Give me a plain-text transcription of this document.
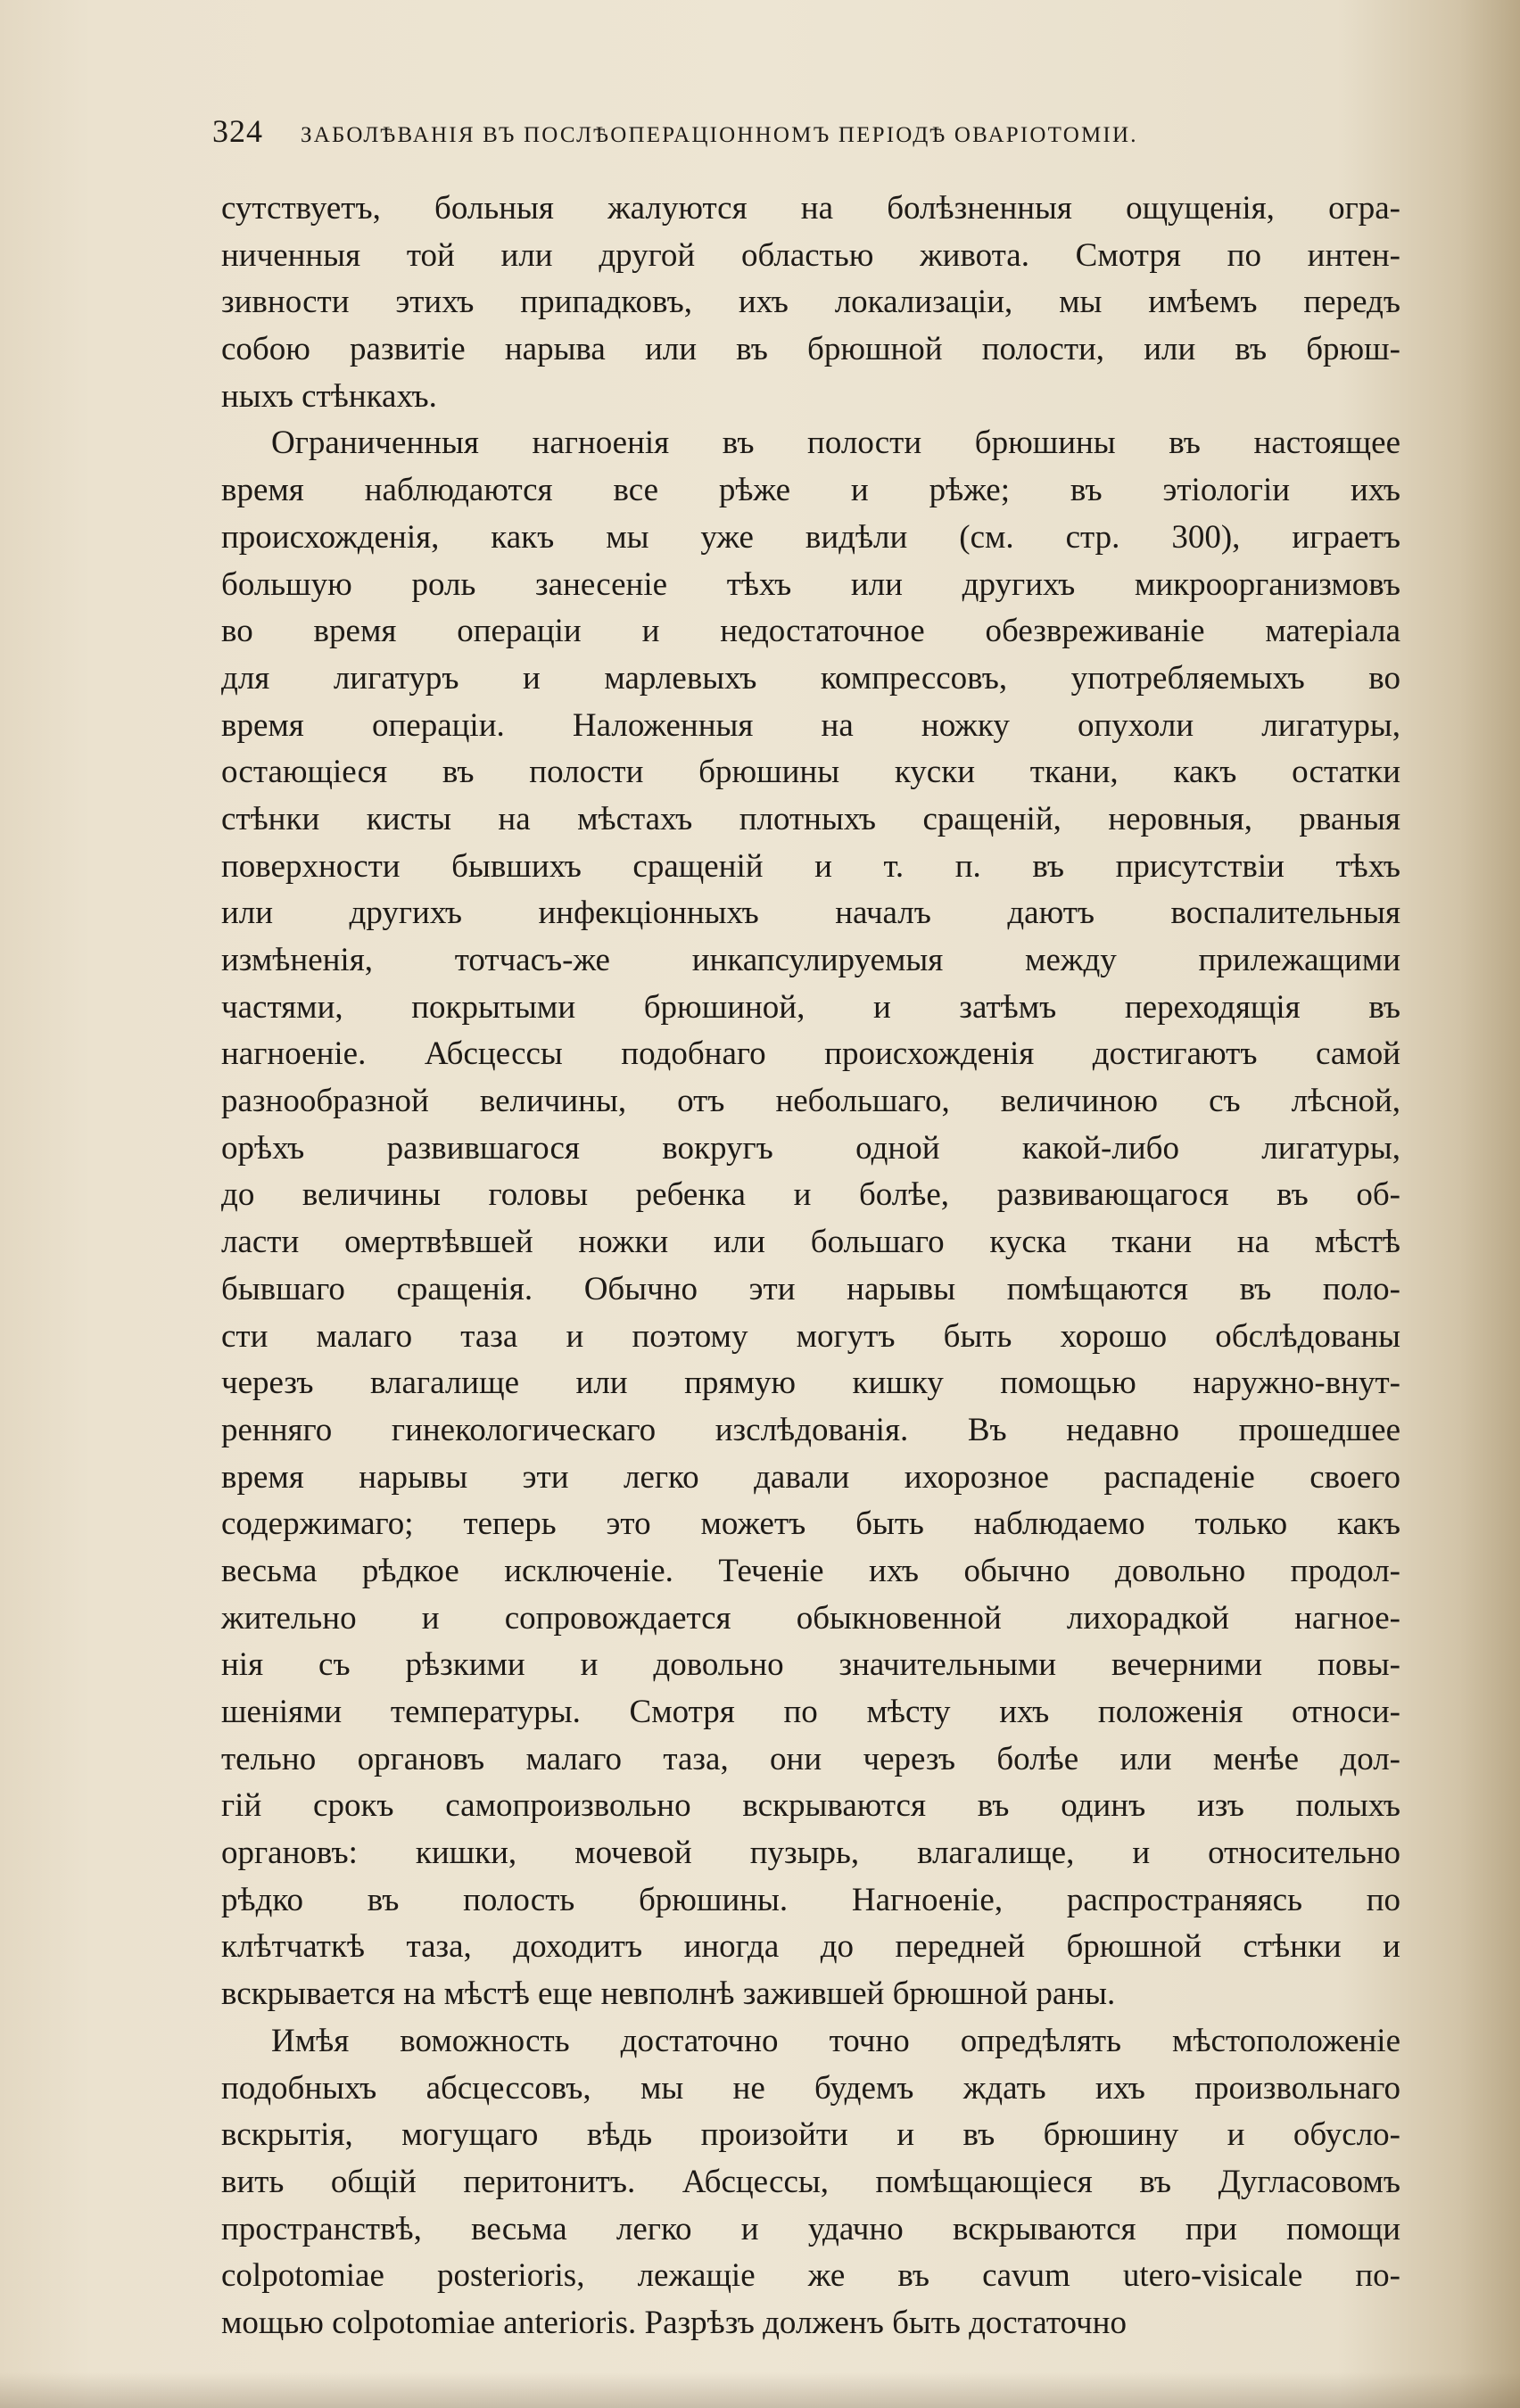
324 ЗАБОЛѢВАНІЯ ВЪ ПОСЛѢОПЕРАЦІОННОМЪ ПЕРІОДѢ ОВАРІОТОМІИ.

сутствуетъ, больныя жалуются на болѣзненныя ощущенія, огра-
ниченныя той или другой областью живота. Смотря по интен-
зивности этихъ припадковъ, ихъ локализаціи, мы имѣемъ передъ
собою развитіе нарыва или въ брюшной полости, или въ брюш-
ныхъ стѣнкахъ.

Ограниченныя нагноенія въ полости брюшины въ настоящее
время наблюдаются все рѣже и рѣже; въ этіологіи ихъ
происхожденія, какъ мы уже видѣли (см. стр. 300), играетъ
большую роль занесеніе тѣхъ или другихъ микроорганизмовъ
во время операціи и недостаточное обезвреживаніе матеріала
для лигатуръ и марлевыхъ компрессовъ, употребляемыхъ во
время операціи. Наложенныя на ножку опухоли лигатуры,
остающіеся въ полости брюшины куски ткани, какъ остатки
стѣнки кисты на мѣстахъ плотныхъ сращеній, неровныя, рваныя
поверхности бывшихъ сращеній и т. п. въ присутствіи тѣхъ
или другихъ инфекціонныхъ началъ даютъ воспалительныя
измѣненія, тотчасъ-же инкапсулируемыя между прилежащими
частями, покрытыми брюшиной, и затѣмъ переходящія въ
нагноеніе. Абсцессы подобнаго происхожденія достигаютъ самой
разнообразной величины, отъ небольшаго, величиною съ лѣсной,
орѣхъ развившагося вокругъ одной какой-либо лигатуры,
до величины головы ребенка и болѣе, развивающагося въ об-
ласти омертвѣвшей ножки или большаго куска ткани на мѣстѣ
бывшаго сращенія. Обычно эти нарывы помѣщаются въ поло-
сти малаго таза и поэтому могутъ быть хорошо обслѣдованы
черезъ влагалище или прямую кишку помощью наружно-внут-
ренняго гинекологическаго изслѣдованія. Въ недавно прошедшее
время нарывы эти легко давали ихорозное распаденіе своего
содержимаго; теперь это можетъ быть наблюдаемо только какъ
весьма рѣдкое исключеніе. Теченіе ихъ обычно довольно продол-
жительно и сопровождается обыкновенной лихорадкой нагное-
нія съ рѣзкими и довольно значительными вечерними повы-
шеніями температуры. Смотря по мѣсту ихъ положенія относи-
тельно органовъ малаго таза, они черезъ болѣе или менѣе дол-
гій срокъ самопроизвольно вскрываются въ одинъ изъ полыхъ
органовъ: кишки, мочевой пузырь, влагалище, и относительно
рѣдко въ полость брюшины. Нагноеніе, распространяясь по
клѣтчаткѣ таза, доходитъ иногда до передней брюшной стѣнки и
вскрывается на мѣстѣ еще невполнѣ зажившей брюшной раны.

Имѣя воможность достаточно точно опредѣлять мѣстоположеніе
подобныхъ абсцессовъ, мы не будемъ ждать ихъ произвольнаго
вскрытія, могущаго вѣдь произойти и въ брюшину и обусло-
вить общій перитонитъ. Абсцессы, помѣщающіеся въ Дугласовомъ
пространствѣ, весьма легко и удачно вскрываются при помощи
colpotomiae posterioris, лежащіе же въ cavum utero-visicale по-
мощью colpotomiae anterioris. Разрѣзъ долженъ быть достаточно
